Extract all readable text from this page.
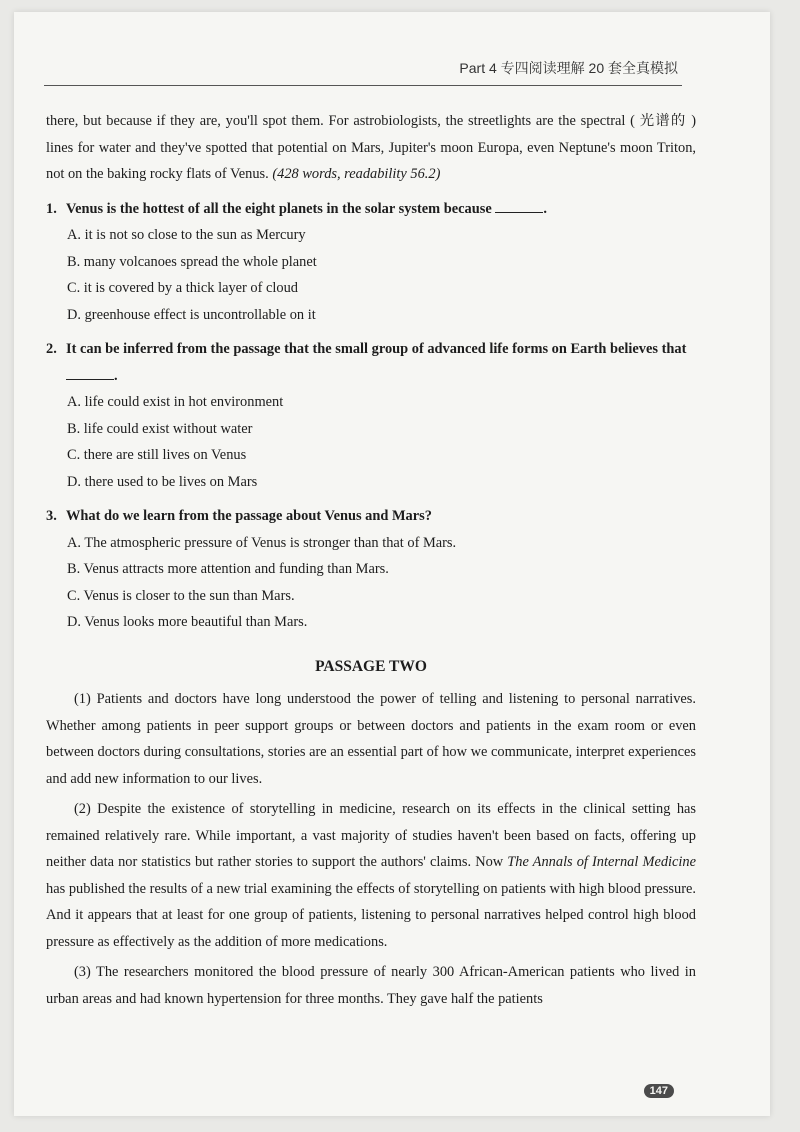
Part 4 专四阅读理解 20 套全真模拟

there, but because if they are, you'll spot them. For astrobiologists, the streetlights are the spectral ( 光谱的 ) lines for water and they've spotted that potential on Mars, Jupiter's moon Europa, even Neptune's moon Triton, not on the baking rocky flats of Venus. (428 words, readability 56.2)

1. Venus is the hottest of all the eight planets in the solar system because	.
A. it is not so close to the sun as Mercury
B. many volcanoes spread the whole planet
C. it is covered by a thick layer of cloud
D. greenhouse effect is uncontrollable on it
2. It can be inferred from the passage that the small group of advanced life forms on Earth believes that .
A. life could exist in hot environment
B. life could exist without water
C. there are still lives on Venus
D. there used to be lives on Mars
3. What do we learn from the passage about Venus and Mars?
A. The atmospheric pressure of Venus is stronger than that of Mars.
B. Venus attracts more attention and funding than Mars.
C. Venus is closer to the sun than Mars.
D. Venus looks more beautiful than Mars.
PASSAGE TWO

(1) Patients and doctors have long understood the power of telling and listening to personal narratives. Whether among patients in peer support groups or between doctors and patients in the exam room or even between doctors during consultations, stories are an essential part of how we communicate, interpret experiences and add new information to our lives.

(2) Despite the existence of storytelling in medicine, research on its effects in the clinical setting has remained relatively rare. While important, a vast majority of studies haven't been based on facts, offering up neither data nor statistics but rather stories to support the authors' claims. Now The Annals of Internal Medicine has published the results of a new trial examining the effects of storytelling on patients with high blood pressure. And it appears that at least for one group of patients, listening to personal narratives helped control high blood pressure as effectively as the addition of more medications.

(3) The researchers monitored the blood pressure of nearly 300 African-American patients who lived in urban areas and had known hypertension for three months. They gave half the patients

147
